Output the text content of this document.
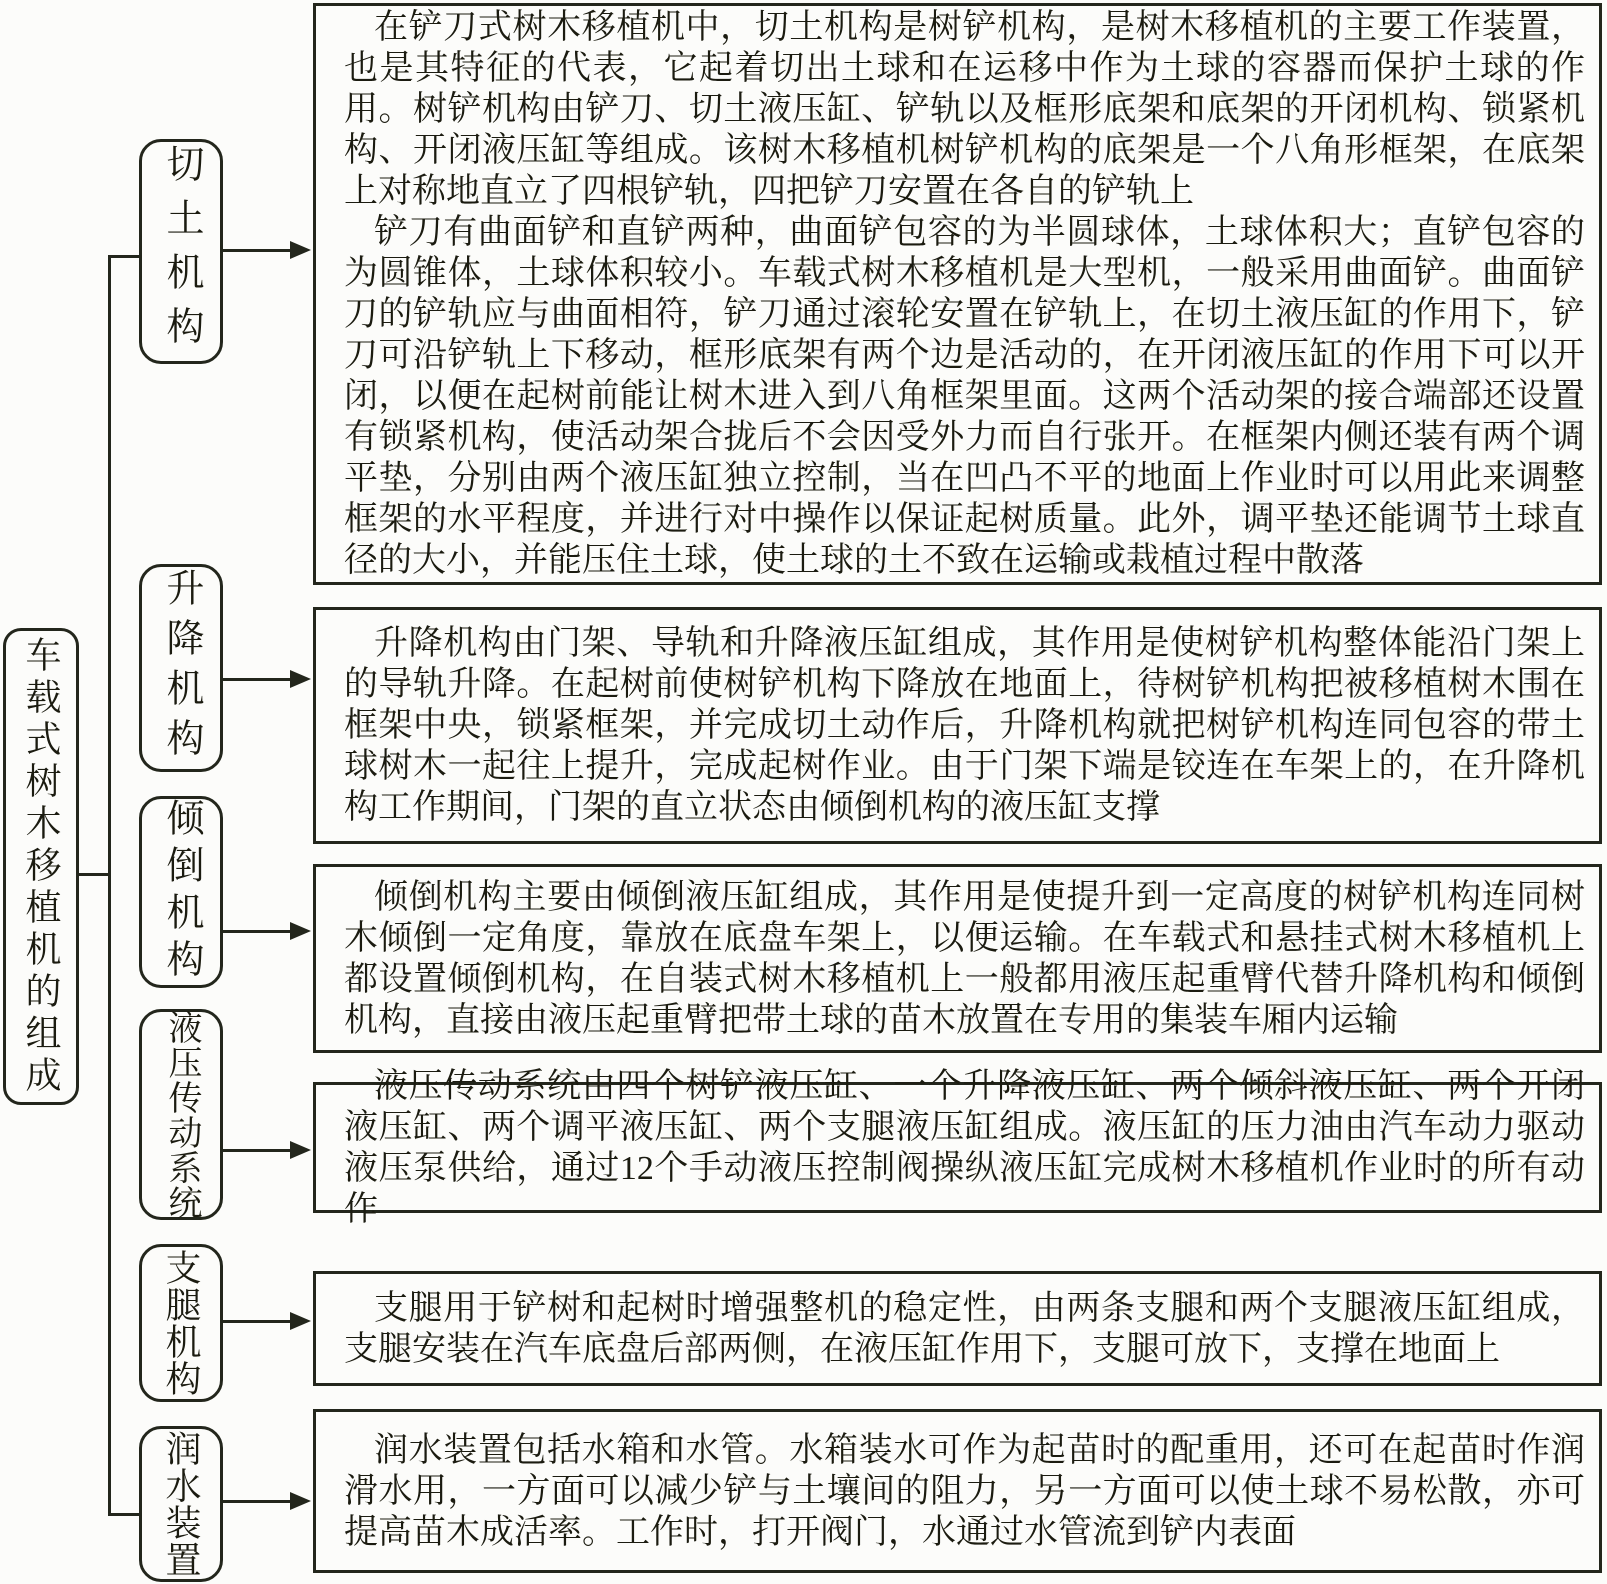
车载式树木移植机的组成
切土机构
升降机构
倾倒机构
液压传动系统
支腿机构
润水装置

在铲刀式树木移植机中，切土机构是树铲机构，是树木移植机的主要工作装置，也是其特征的代表，它起着切出土球和在运移中作为土球的容器而保护土球的作用。树铲机构由铲刀、切土液压缸、铲轨以及框形底架和底架的开闭机构、锁紧机构、开闭液压缸等组成。该树木移植机树铲机构的底架是一个八角形框架，在底架上对称地直立了四根铲轨，四把铲刀安置在各自的铲轨上

铲刀有曲面铲和直铲两种，曲面铲包容的为半圆球体，土球体积大；直铲包容的为圆锥体，土球体积较小。车载式树木移植机是大型机，一般采用曲面铲。曲面铲刀的铲轨应与曲面相符，铲刀通过滚轮安置在铲轨上，在切土液压缸的作用下，铲刀可沿铲轨上下移动，框形底架有两个边是活动的，在开闭液压缸的作用下可以开闭，以便在起树前能让树木进入到八角框架里面。这两个活动架的接合端部还设置有锁紧机构，使活动架合拢后不会因受外力而自行张开。在框架内侧还装有两个调平垫，分别由两个液压缸独立控制，当在凹凸不平的地面上作业时可以用此来调整框架的水平程度，并进行对中操作以保证起树质量。此外，调平垫还能调节土球直径的大小，并能压住土球，使土球的土不致在运输或栽植过程中散落

升降机构由门架、导轨和升降液压缸组成，其作用是使树铲机构整体能沿门架上的导轨升降。在起树前使树铲机构下降放在地面上，待树铲机构把被移植树木围在框架中央，锁紧框架，并完成切土动作后，升降机构就把树铲机构连同包容的带土球树木一起往上提升，完成起树作业。由于门架下端是铰连在车架上的，在升降机构工作期间，门架的直立状态由倾倒机构的液压缸支撑

倾倒机构主要由倾倒液压缸组成，其作用是使提升到一定高度的树铲机构连同树木倾倒一定角度，靠放在底盘车架上，以便运输。在车载式和悬挂式树木移植机上都设置倾倒机构，在自装式树木移植机上一般都用液压起重臂代替升降机构和倾倒机构，直接由液压起重臂把带土球的苗木放置在专用的集装车厢内运输

液压传动系统由四个树铲液压缸、一个升降液压缸、两个倾斜液压缸、两个开闭液压缸、两个调平液压缸、两个支腿液压缸组成。液压缸的压力油由汽车动力驱动液压泵供给，通过12个手动液压控制阀操纵液压缸完成树木移植机作业时的所有动作

支腿用于铲树和起树时增强整机的稳定性，由两条支腿和两个支腿液压缸组成，支腿安装在汽车底盘后部两侧，在液压缸作用下，支腿可放下，支撑在地面上

润水装置包括水箱和水管。水箱装水可作为起苗时的配重用，还可在起苗时作润滑水用，一方面可以减少铲与土壤间的阻力，另一方面可以使土球不易松散，亦可提高苗木成活率。工作时，打开阀门，水通过水管流到铲内表面
